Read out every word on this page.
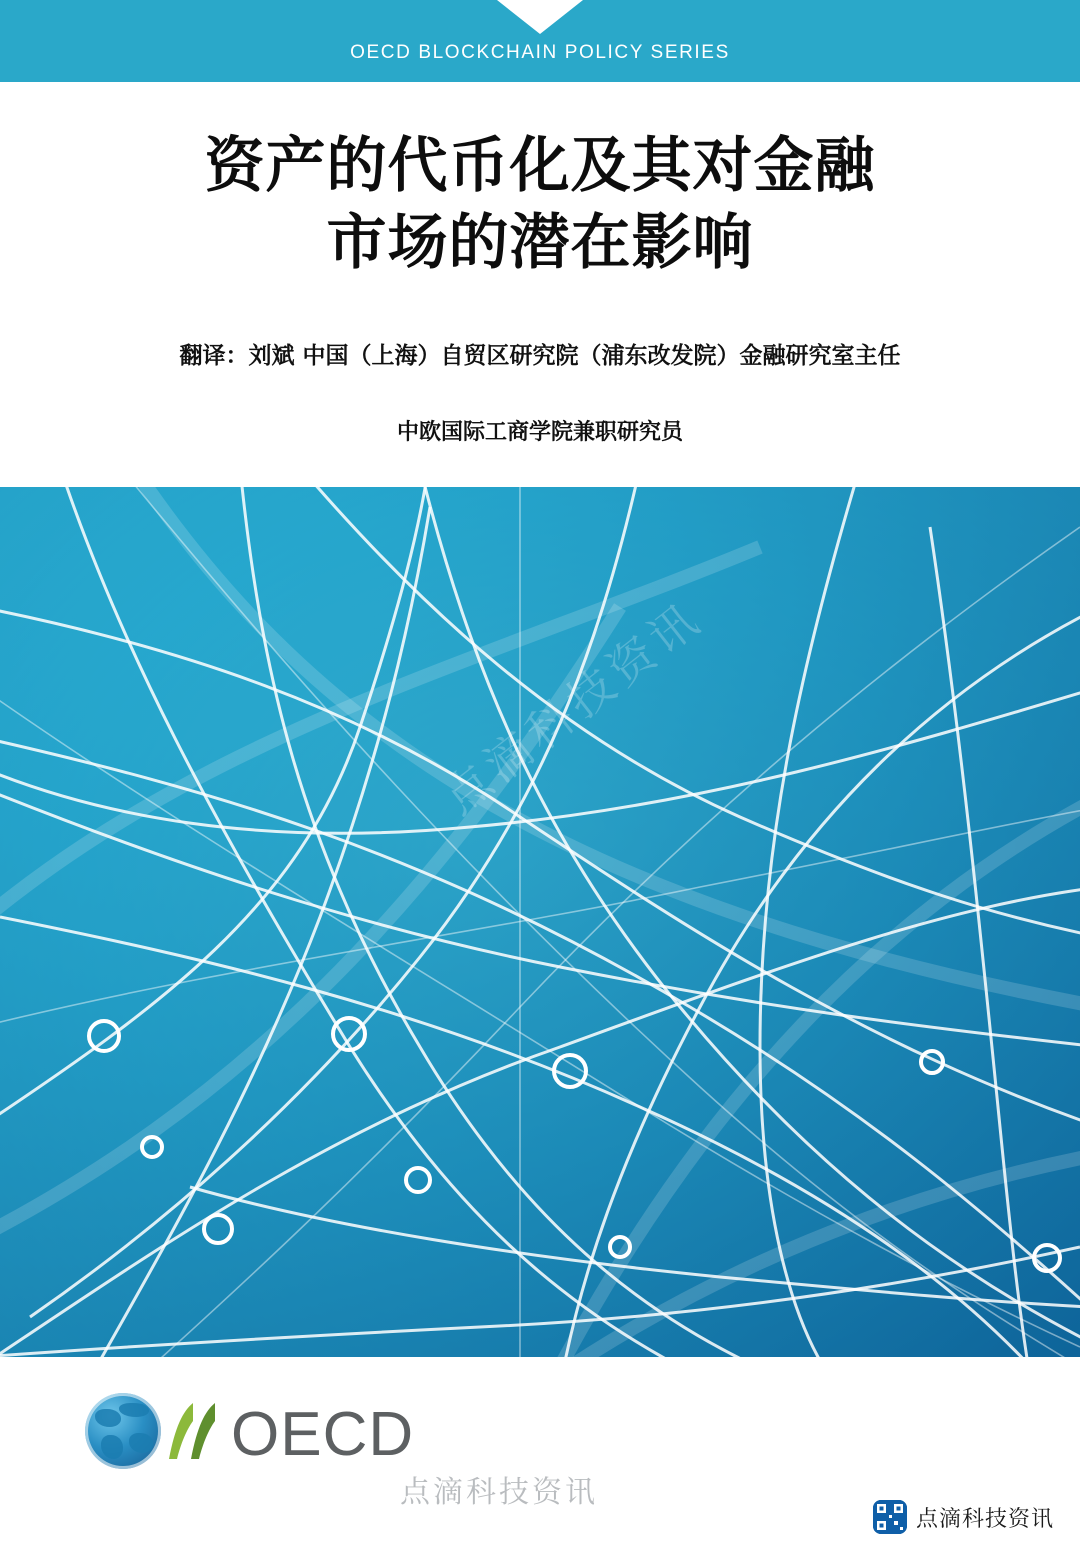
OECD BLOCKCHAIN POLICY SERIES
资产的代币化及其对金融
市场的潜在影响
翻译：刘斌 中国（上海）自贸区研究院（浦东改发院）金融研究室主任
中欧国际工商学院兼职研究员
点滴科技资讯
OECD
点滴科技资讯
点滴科技资讯
